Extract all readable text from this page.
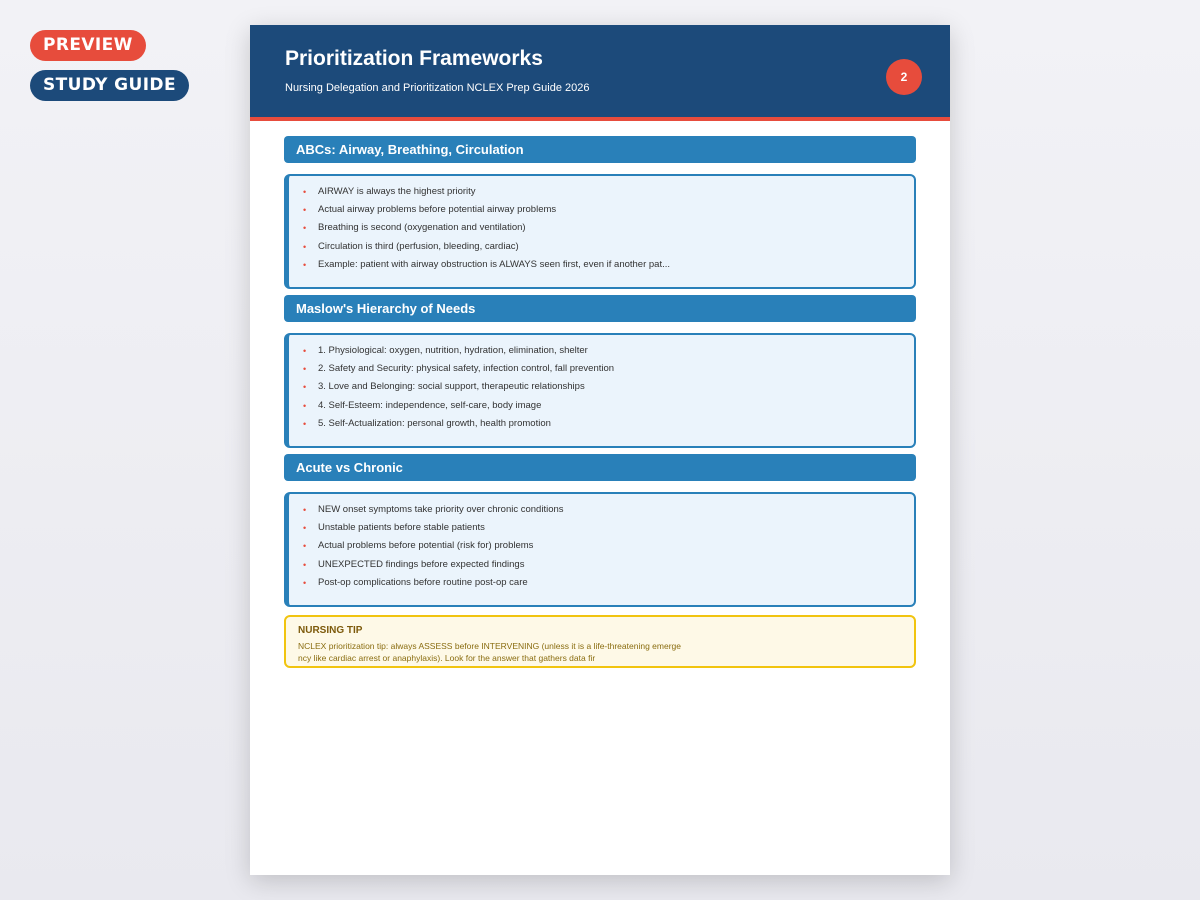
PREVIEW
STUDY GUIDE
Prioritization Frameworks
Nursing Delegation and Prioritization NCLEX Prep Guide 2026
2
ABCs: Airway, Breathing, Circulation
• AIRWAY is always the highest priority
• Actual airway problems before potential airway problems
• Breathing is second (oxygenation and ventilation)
• Circulation is third (perfusion, bleeding, cardiac)
• Example: patient with airway obstruction is ALWAYS seen first, even if another pat...
Maslow's Hierarchy of Needs
• 1. Physiological: oxygen, nutrition, hydration, elimination, shelter
• 2. Safety and Security: physical safety, infection control, fall prevention
• 3. Love and Belonging: social support, therapeutic relationships
• 4. Self-Esteem: independence, self-care, body image
• 5. Self-Actualization: personal growth, health promotion
Acute vs Chronic
• NEW onset symptoms take priority over chronic conditions
• Unstable patients before stable patients
• Actual problems before potential (risk for) problems
• UNEXPECTED findings before expected findings
• Post-op complications before routine post-op care
NURSING TIP
NCLEX prioritization tip: always ASSESS before INTERVENING (unless it is a life-threatening emergency like cardiac arrest or anaphylaxis). Look for the answer that gathers data fir
